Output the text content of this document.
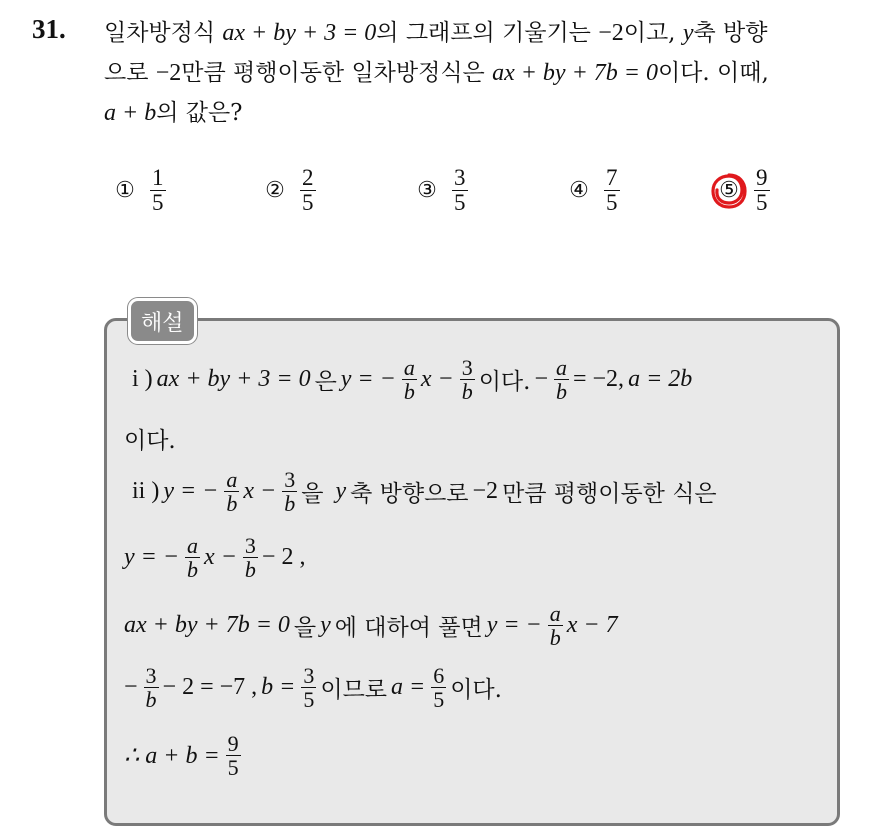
31. 일차방정식 ax + by + 3 = 0의 그래프의 기울기는 −2이고, y축 방향
으로 −2만큼 평행이동한 일차방정식은 ax + by + 7b = 0이다. 이때,
a + b의 값은?
① $\frac{1}{5}$	② $\frac{2}{5}$	③ $\frac{3}{5}$	④ $\frac{7}{5}$	⑤ $\frac{9}{5}$
해설
i ) ax + by + 3 = 0 은 y = − $\frac{a}{b}$ $x - \frac{3}{b}$ 이다. − $\frac{a}{b} = -2$, a = 2b
이다.
ii ) y = − $\frac{a}{b}$ $x - \frac{3}{b}$ 을 y 축 방향으로 −2 만큼 평행이동한 식은
y = − $\frac{a}{b}$ $x - \frac{3}{b} - 2$ ,
ax + by + 7b = 0 을 y 에 대하여 풀면 y = − $\frac{a}{b}$ x − 7
− $\frac{3}{b} - 2 = -7$ , $b = \frac{3}{5}$ 이므로 $a = \frac{6}{5}$ 이다.
∴ $a + b = \frac{9}{5}$
